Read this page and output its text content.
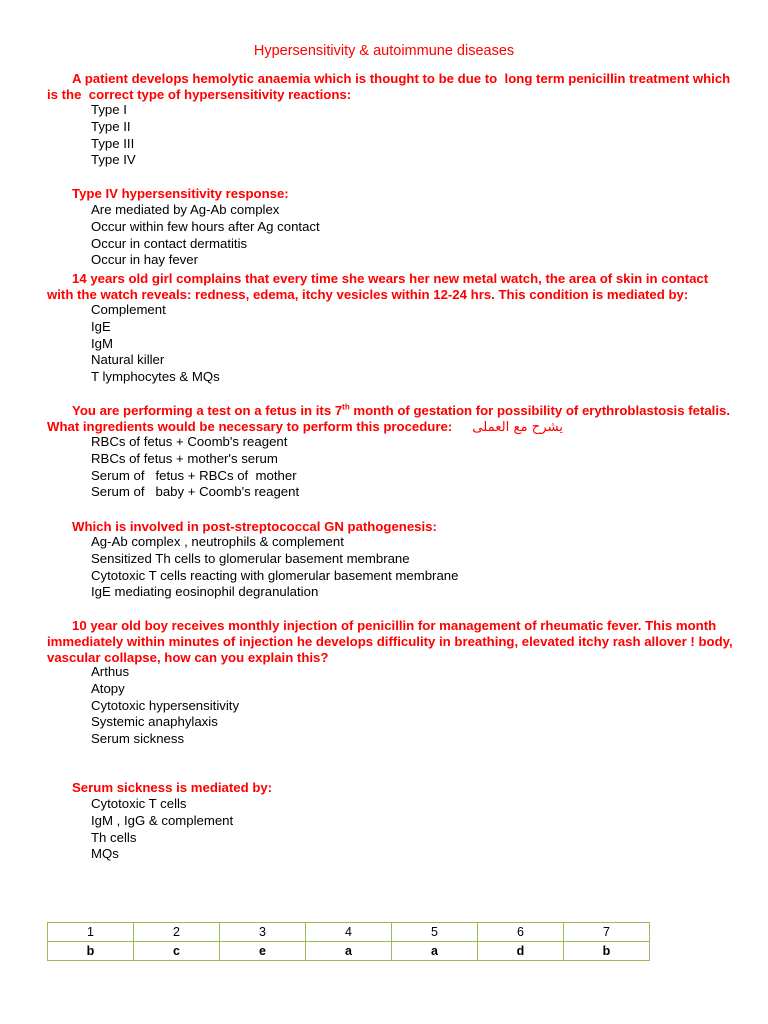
Hypersensitivity & autoimmune diseases
A patient develops hemolytic anaemia which is thought to be due to  long term penicillin treatment which is the  correct type of hypersensitivity reactions:
Type I
Type II
Type III
Type IV
Type IV hypersensitivity response:
Are mediated by Ag-Ab complex
Occur within few hours after Ag contact
Occur in contact dermatitis
Occur in hay fever
14 years old girl complains that every time she wears her new metal watch, the area of skin in contact with the watch reveals: redness, edema, itchy vesicles within 12-24 hrs. This condition is mediated by:
Complement
IgE
IgM
Natural killer
T lymphocytes & MQs
You are performing a test on a fetus in its 7th month of gestation for possibility of erythroblastosis fetalis. What ingredients would be necessary to perform this procedure: يشرح مع العملى
RBCs of fetus + Coomb's reagent
RBCs of fetus + mother's serum
Serum of   fetus + RBCs of  mother
Serum of   baby + Coomb's reagent
Which is involved in post-streptococcal GN pathogenesis:
Ag-Ab complex , neutrophils & complement
Sensitized Th cells to glomerular basement membrane
Cytotoxic T cells reacting with glomerular basement membrane
IgE mediating eosinophil degranulation
10 year old boy receives monthly injection of penicillin for management of rheumatic fever. This month immediately within minutes of injection he develops difficulity in breathing, elevated itchy rash allover ! body, vascular collapse, how can you explain this?
Arthus
Atopy
Cytotoxic hypersensitivity
Systemic anaphylaxis
Serum sickness
Serum sickness is mediated by:
Cytotoxic T cells
IgM , IgG & complement
Th cells
MQs
1	2	3	4	5	6	7
b	c	e	a	a	d	b
